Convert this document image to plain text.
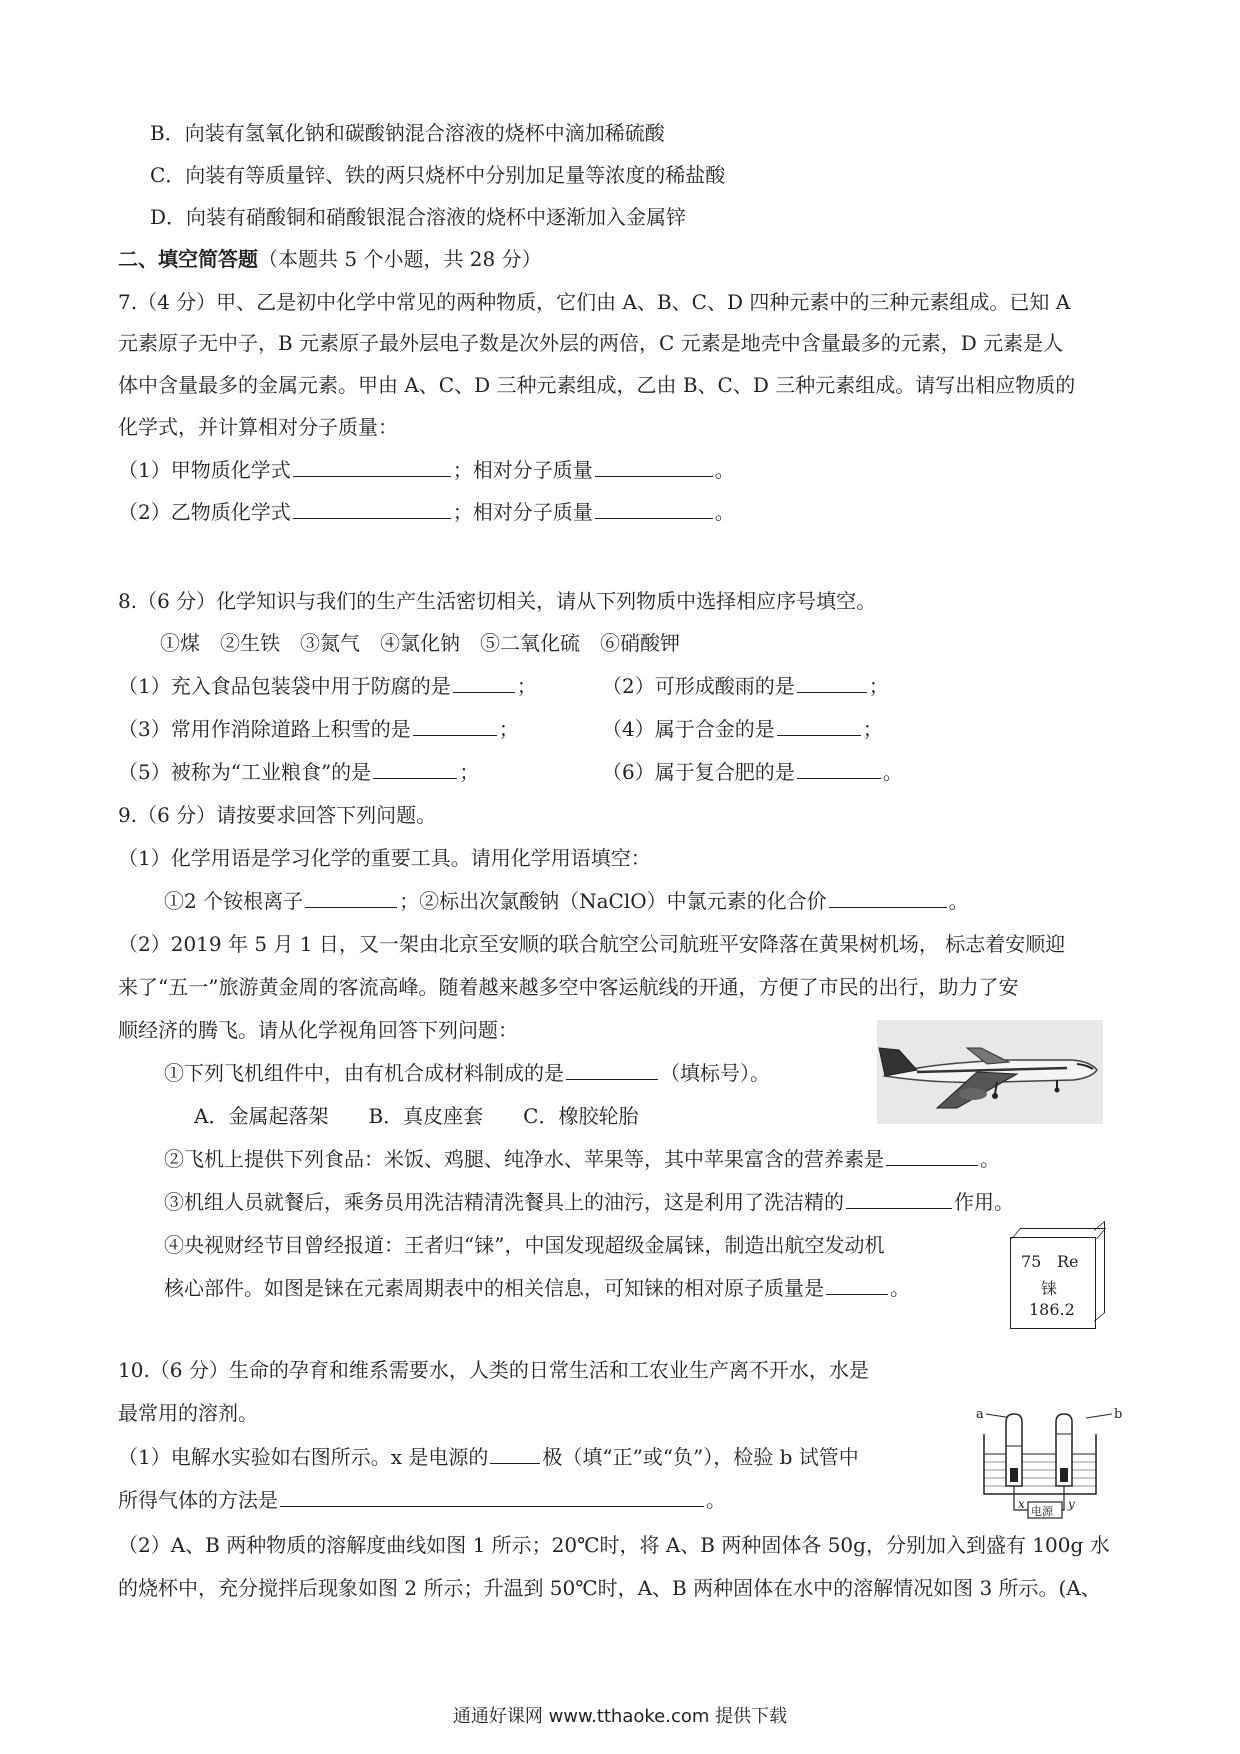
B．向装有氢氧化钠和碳酸钠混合溶液的烧杯中滴加稀硫酸
C．向装有等质量锌、铁的两只烧杯中分别加足量等浓度的稀盐酸
D．向装有硝酸铜和硝酸银混合溶液的烧杯中逐渐加入金属锌
二、填空简答题（本题共 5 个小题，共 28 分）
7.（4 分）甲、乙是初中化学中常见的两种物质，它们由 A、B、C、D 四种元素中的三种元素组成。已知 A
元素原子无中子，B 元素原子最外层电子数是次外层的两倍，C 元素是地壳中含量最多的元素，D 元素是人
体中含量最多的金属元素。甲由 A、C、D 三种元素组成，乙由 B、C、D 三种元素组成。请写出相应物质的
化学式，并计算相对分子质量：
（1）甲物质化学式	；相对分子质量	。
（2）乙物质化学式	；相对分子质量	。
8.（6 分）化学知识与我们的生产生活密切相关，请从下列物质中选择相应序号填空。
①煤　②生铁　③氮气　④氯化钠　⑤二氧化硫　⑥硝酸钾
（1）充入食品包装袋中用于防腐的是	；	（2）可形成酸雨的是	；
（3）常用作消除道路上积雪的是	；	（4）属于合金的是	；
（5）被称为“工业粮食”的是	；	（6）属于复合肥的是	。
9.（6 分）请按要求回答下列问题。
（1）化学用语是学习化学的重要工具。请用化学用语填空：
①2 个铵根离子	；②标出次氯酸钠（NaClO）中氯元素的化合价	。
（2）2019 年 5 月 1 日，又一架由北京至安顺的联合航空公司航班平安降落在黄果树机场， 标志着安顺迎
来了“五一”旅游黄金周的客流高峰。随着越来越多空中客运航线的开通，方便了市民的出行，助力了安
顺经济的腾飞。请从化学视角回答下列问题：
①下列飞机组件中，由有机合成材料制成的是	（填标号）。
A．金属起落架　　B．真皮座套　　C．橡胶轮胎
②飞机上提供下列食品：米饭、鸡腿、纯净水、苹果等，其中苹果富含的营养素是	。
③机组人员就餐后，乘务员用洗洁精清洗餐具上的油污，这是利用了洗洁精的	作用。
④央视财经节目曾经报道：王者归“铼”，中国发现超级金属铼，制造出航空发动机
核心部件。如图是铼在元素周期表中的相关信息，可知铼的相对原子质量是	。
75 Re
铼
186.2
10.（6 分）生命的孕育和维系需要水，人类的日常生活和工农业生产离不开水，水是
最常用的溶剂。
（1）电解水实验如右图所示。x 是电源的	极（填“正”或“负”），检验 b 试管中
所得气体的方法是	。
（2）A、B 两种物质的溶解度曲线如图 1 所示；20℃时，将 A、B 两种固体各 50g，分别加入到盛有 100g 水
的烧杯中，充分搅拌后现象如图 2 所示；升温到 50℃时，A、B 两种固体在水中的溶解情况如图 3 所示。(A、
a	b
电源
x	y
通通好课网 www.tthaoke.com 提供下载
